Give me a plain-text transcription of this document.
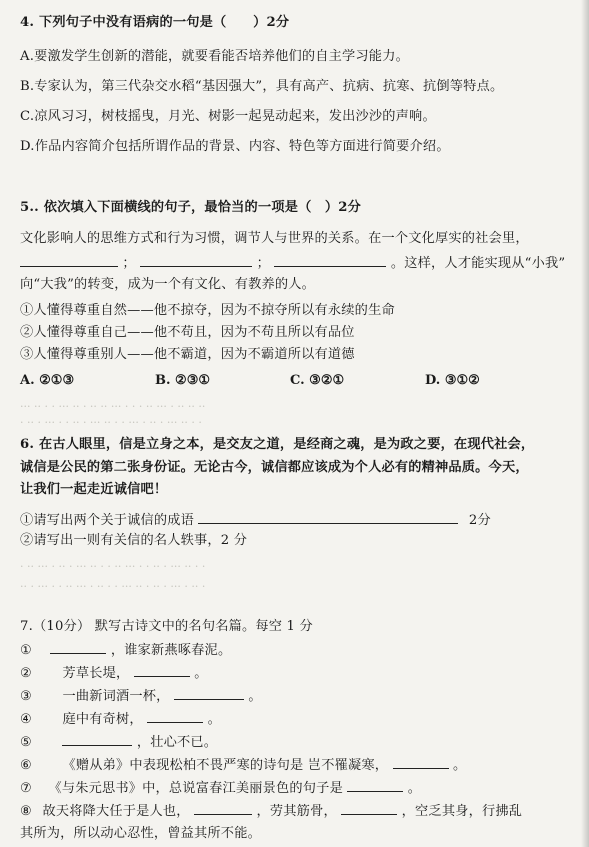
4. 下列句子中没有语病的一句是（　　）2分
A.要激发学生创新的潜能，就要看能否培养他们的自主学习能力。
B.专家认为，第三代杂交水稻“基因强大”，具有高产、抗病、抗寒、抗倒等特点。
C.凉风习习，树枝摇曳，月光、树影一起晃动起来，发出沙沙的声响。
D.作品内容简介包括所谓作品的背景、内容、特色等方面进行简要介绍。
5.. 依次填入下面横线的句子，最恰当的一项是（　）2分
文化影响人的思维方式和行为习惯，调节人与世界的关系。在一个文化厚实的社会里，
；	；	。这样，人才能实现从“小我”
向“大我”的转变，成为一个有文化、有教养的人。
①人懂得尊重自然——他不掠夺，因为不掠夺所以有永续的生命
②人懂得尊重自己——他不苟且，因为不苟且所以有品位
③人懂得尊重别人——他不霸道，因为不霸道所以有道德
A. ②①③	B. ②③①	C. ③②①	D. ③①②
··· ·· · · ··· ·· · ·· ·· ··· · · · ·· ··· · ·· ·· ··
· ·· · ··· · · ·· · ··· ·· · · ··· · ·· · ··· ·· · ·
6. 在古人眼里，信是立身之本，是交友之道，是经商之魂，是为政之要，在现代社会，
诚信是公民的第二张身份证。无论古今，诚信都应该成为个人必有的精神品质。今天，
让我们一起走近诚信吧！
①请写出两个关于诚信的成语	2分
②请写出一则有关信的名人轶事，2 分
· ·· ··· · ·· · ··· ·· · · ·· ··· · · ·· · ··· ·· · ·
·· · ··· · · ·· ··· · ·· · · ··· ·· · ·· · ··· · ·· ·
7.（10分） 默写古诗文中的名句名篇。每空 1 分
①	，谁家新燕啄春泥。
② 芳草长堤，	。
③ 一曲新词酒一杯，	。
④ 庭中有奇树，	。
⑤	，壮心不已。
⑥ 《赠从弟》中表现松柏不畏严寒的诗句是 岂不罹凝寒，	。
⑦ 《与朱元思书》中，总说富春江美丽景色的句子是	。
⑧ 故天将降大任于是人也，	，劳其筋骨，	，空乏其身，行拂乱
其所为，所以动心忍性，曾益其所不能。
